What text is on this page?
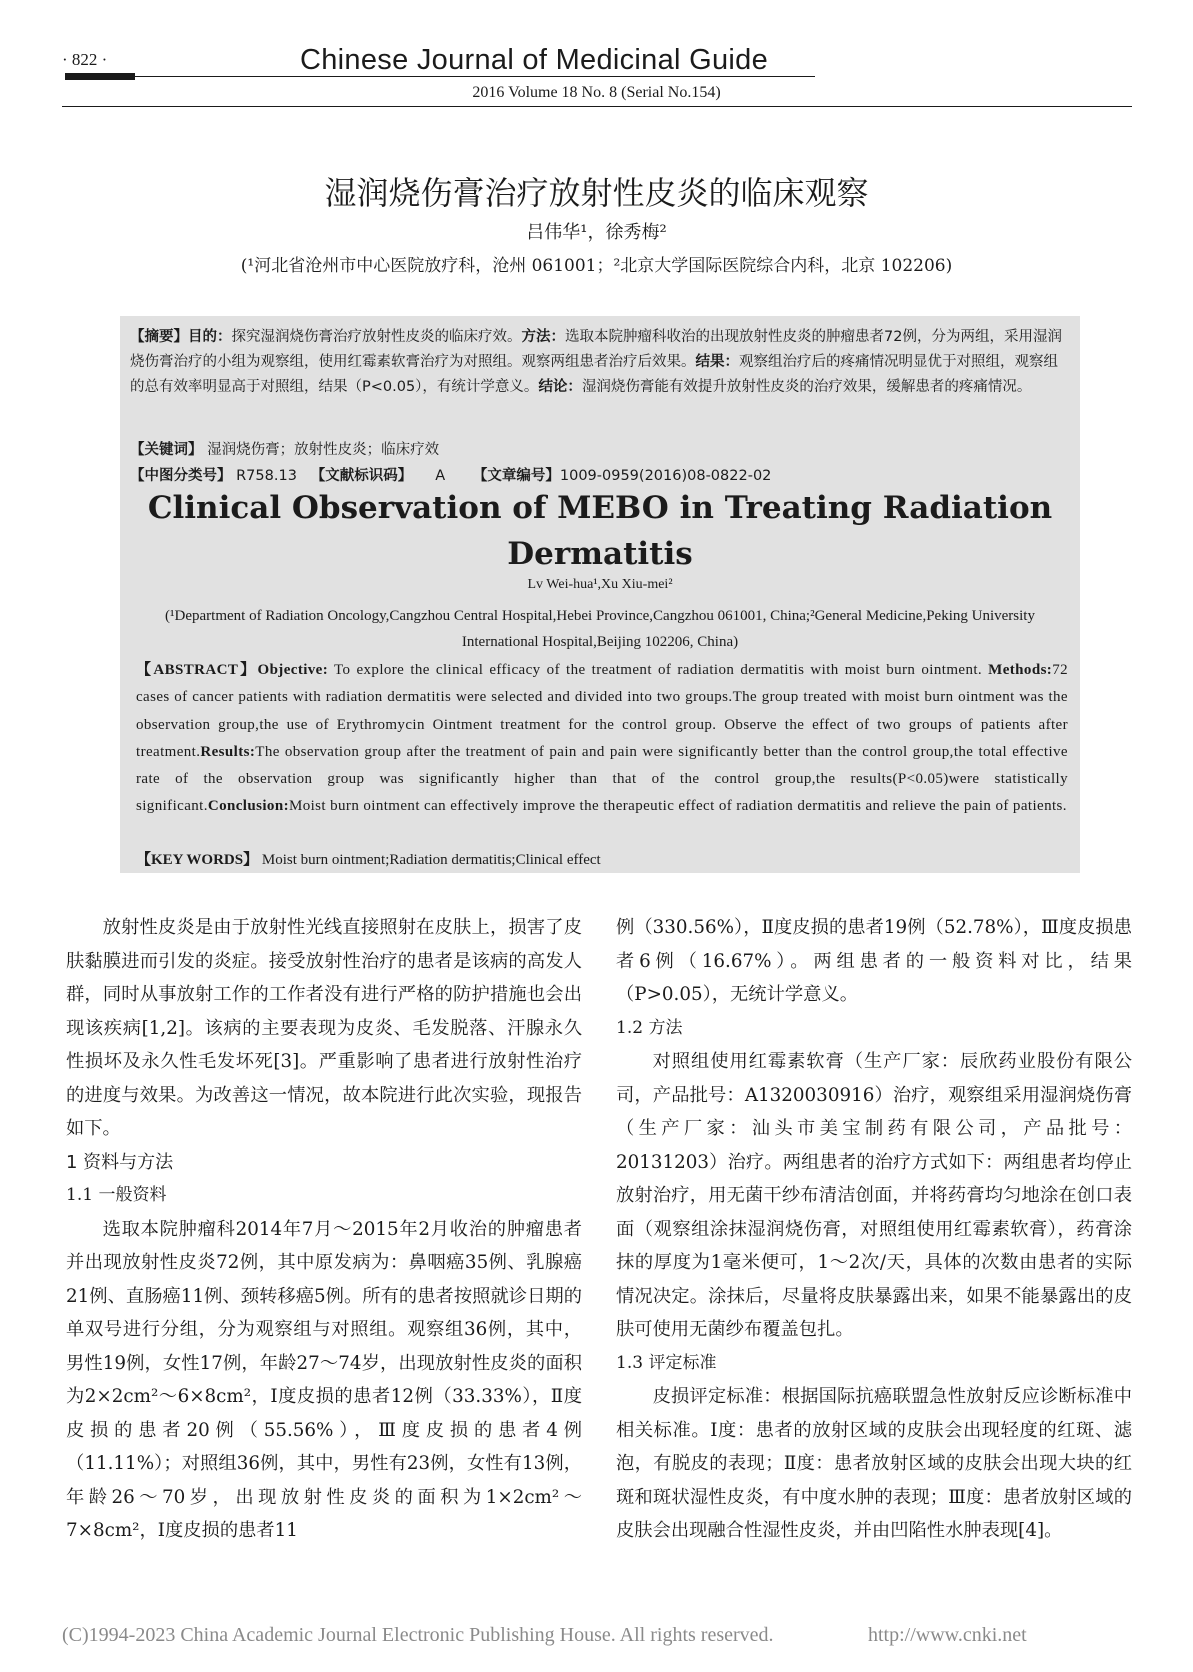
· 822 ·	Chinese Journal of Medicinal Guide
2016 Volume 18 No. 8 (Serial No.154)
湿润烧伤膏治疗放射性皮炎的临床观察
吕伟华¹，徐秀梅²
(¹河北省沧州市中心医院放疗科，沧州 061001；²北京大学国际医院综合内科，北京 102206)
【摘要】目的：探究湿润烧伤膏治疗放射性皮炎的临床疗效。方法：选取本院肿瘤科收治的出现放射性皮炎的肿瘤患者72例，分为两组，采用湿润烧伤膏治疗的小组为观察组，使用红霉素软膏治疗为对照组。观察两组患者治疗后效果。结果：观察组治疗后的疼痛情况明显优于对照组，观察组的总有效率明显高于对照组，结果（P<0.05），有统计学意义。结论：湿润烧伤膏能有效提升放射性皮炎的治疗效果，缓解患者的疼痛情况。
【关键词】 湿润烧伤膏；放射性皮炎；临床疗效
【中图分类号】 R758.13 【文献标识码】 A 【文章编号】1009-0959(2016)08-0822-02
Clinical Observation of MEBO in Treating Radiation Dermatitis
Lv Wei-hua¹,Xu Xiu-mei²
(¹Department of Radiation Oncology,Cangzhou Central Hospital,Hebei Province,Cangzhou 061001, China;²General Medicine,Peking University International Hospital,Beijing 102206, China)
【ABSTRACT】Objective: To explore the clinical efficacy of the treatment of radiation dermatitis with moist burn ointment. Methods:72 cases of cancer patients with radiation dermatitis were selected and divided into two groups.The group treated with moist burn ointment was the observation group,the use of Erythromycin Ointment treatment for the control group. Observe the effect of two groups of patients after treatment.Results:The observation group after the treatment of pain and pain were significantly better than the control group,the total effective rate of the observation group was significantly higher than that of the control group,the results(P<0.05)were statistically significant.Conclusion:Moist burn ointment can effectively improve the therapeutic effect of radiation dermatitis and relieve the pain of patients.
【KEY WORDS】 Moist burn ointment;Radiation dermatitis;Clinical effect

放射性皮炎是由于放射性光线直接照射在皮肤上，损害了皮肤黏膜进而引发的炎症。接受放射性治疗的患者是该病的高发人群，同时从事放射工作的工作者没有进行严格的防护措施也会出现该疾病[1,2]。该病的主要表现为皮炎、毛发脱落、汗腺永久性损坏及永久性毛发坏死[3]。严重影响了患者进行放射性治疗的进度与效果。为改善这一情况，故本院进行此次实验，现报告如下。

1 资料与方法
1.1 一般资料

选取本院肿瘤科2014年7月～2015年2月收治的肿瘤患者并出现放射性皮炎72例，其中原发病为：鼻咽癌35例、乳腺癌21例、直肠癌11例、颈转移癌5例。所有的患者按照就诊日期的单双号进行分组，分为观察组与对照组。观察组36例，其中，男性19例，女性17例，年龄27～74岁，出现放射性皮炎的面积为2×2cm²～6×8cm²，Ⅰ度皮损的患者12例（33.33%），Ⅱ度皮损的患者20例（55.56%），Ⅲ度皮损的患者4例（11.11%）；对照组36例，其中，男性有23例，女性有13例，年龄26～70岁，出现放射性皮炎的面积为1×2cm²～7×8cm²，Ⅰ度皮损的患者11

例（330.56%），Ⅱ度皮损的患者19例（52.78%），Ⅲ度皮损患者6例（16.67%）。两组患者的一般资料对比，结果（P>0.05），无统计学意义。

1.2 方法

对照组使用红霉素软膏（生产厂家：辰欣药业股份有限公司，产品批号：A1320030916）治疗，观察组采用湿润烧伤膏（生产厂家：汕头市美宝制药有限公司，产品批号：20131203）治疗。两组患者的治疗方式如下：两组患者均停止放射治疗，用无菌干纱布清洁创面，并将药膏均匀地涂在创口表面（观察组涂抹湿润烧伤膏，对照组使用红霉素软膏），药膏涂抹的厚度为1毫米便可，1～2次/天，具体的次数由患者的实际情况决定。涂抹后，尽量将皮肤暴露出来，如果不能暴露出的皮肤可使用无菌纱布覆盖包扎。

1.3 评定标准

皮损评定标准：根据国际抗癌联盟急性放射反应诊断标准中相关标准。Ⅰ度：患者的放射区域的皮肤会出现轻度的红斑、滤泡，有脱皮的表现；Ⅱ度：患者放射区域的皮肤会出现大块的红斑和斑状湿性皮炎，有中度水肿的表现；Ⅲ度：患者放射区域的皮肤会出现融合性湿性皮炎，并由凹陷性水肿表现[4]。

(C)1994-2023 China Academic Journal Electronic Publishing House. All rights reserved.	http://www.cnki.net
